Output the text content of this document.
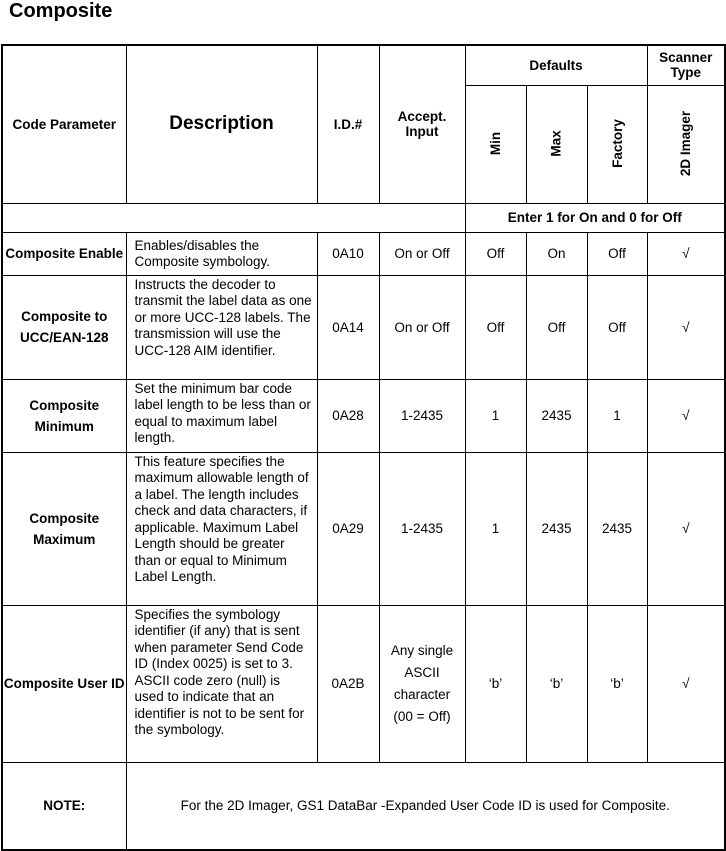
Composite
Code Parameter	Description	I.D.#	Accept. Input	Defaults			Scanner Type
				Min	Max	Factory	2D Imager
				Enter 1 for On and 0 for Off			
Composite Enable	Enables/disables the Composite symbology.	0A10	On or Off	Off	On	Off	√
Composite to UCC/EAN-128	Instructs the decoder to transmit the label data as one or more UCC-128 labels. The transmission will use the UCC-128 AIM identifier.	0A14	On or Off	Off	Off	Off	√
Composite Minimum	Set the minimum bar code label length to be less than or equal to maximum label length.	0A28	1-2435	1	2435	1	√
Composite Maximum	This feature specifies the maximum allowable length of a label. The length includes check and data characters, if applicable. Maximum Label Length should be greater than or equal to Minimum Label Length.	0A29	1-2435	1	2435	2435	√
Composite User ID	Specifies the symbology identifier (if any) that is sent when parameter Send Code ID (Index 0025) is set to 3. ASCII code zero (null) is used to indicate that an identifier is not to be sent for the symbology.	0A2B	Any single ASCII character (00 = Off)	‘b’	‘b’	‘b’	√
NOTE:	For the 2D Imager, GS1 DataBar -Expanded User Code ID is used for Composite.						
